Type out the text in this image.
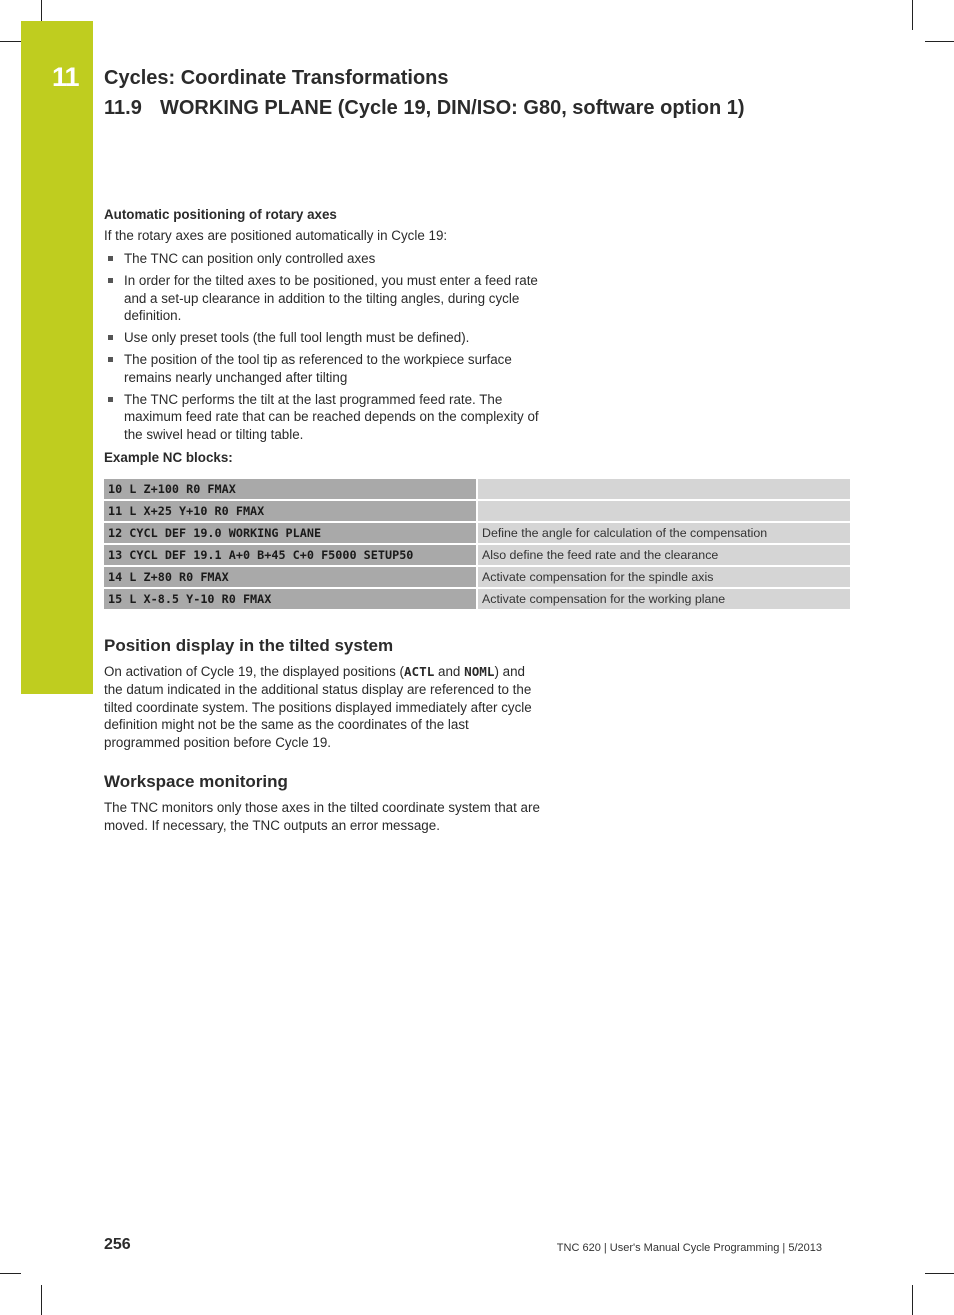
11 Cycles: Coordinate Transformations
11.9 WORKING PLANE (Cycle 19, DIN/ISO: G80, software option 1)
Automatic positioning of rotary axes
If the rotary axes are positioned automatically in Cycle 19:
The TNC can position only controlled axes
In order for the tilted axes to be positioned, you must enter a feed rate and a set-up clearance in addition to the tilting angles, during cycle definition.
Use only preset tools (the full tool length must be defined).
The position of the tool tip as referenced to the workpiece surface remains nearly unchanged after tilting
The TNC performs the tilt at the last programmed feed rate. The maximum feed rate that can be reached depends on the complexity of the swivel head or tilting table.
Example NC blocks:
10 L Z+100 R0 FMAX	
11 L X+25 Y+10 R0 FMAX	
12 CYCL DEF 19.0 WORKING PLANE	Define the angle for calculation of the compensation
13 CYCL DEF 19.1 A+0 B+45 C+0 F5000 SETUP50	Also define the feed rate and the clearance
14 L Z+80 R0 FMAX	Activate compensation for the spindle axis
15 L X-8.5 Y-10 R0 FMAX	Activate compensation for the working plane
Position display in the tilted system
On activation of Cycle 19, the displayed positions (ACTL and NOML) and the datum indicated in the additional status display are referenced to the tilted coordinate system. The positions displayed immediately after cycle definition might not be the same as the coordinates of the last programmed position before Cycle 19.
Workspace monitoring
The TNC monitors only those axes in the tilted coordinate system that are moved. If necessary, the TNC outputs an error message.
256	TNC 620 | User's Manual Cycle Programming | 5/2013
